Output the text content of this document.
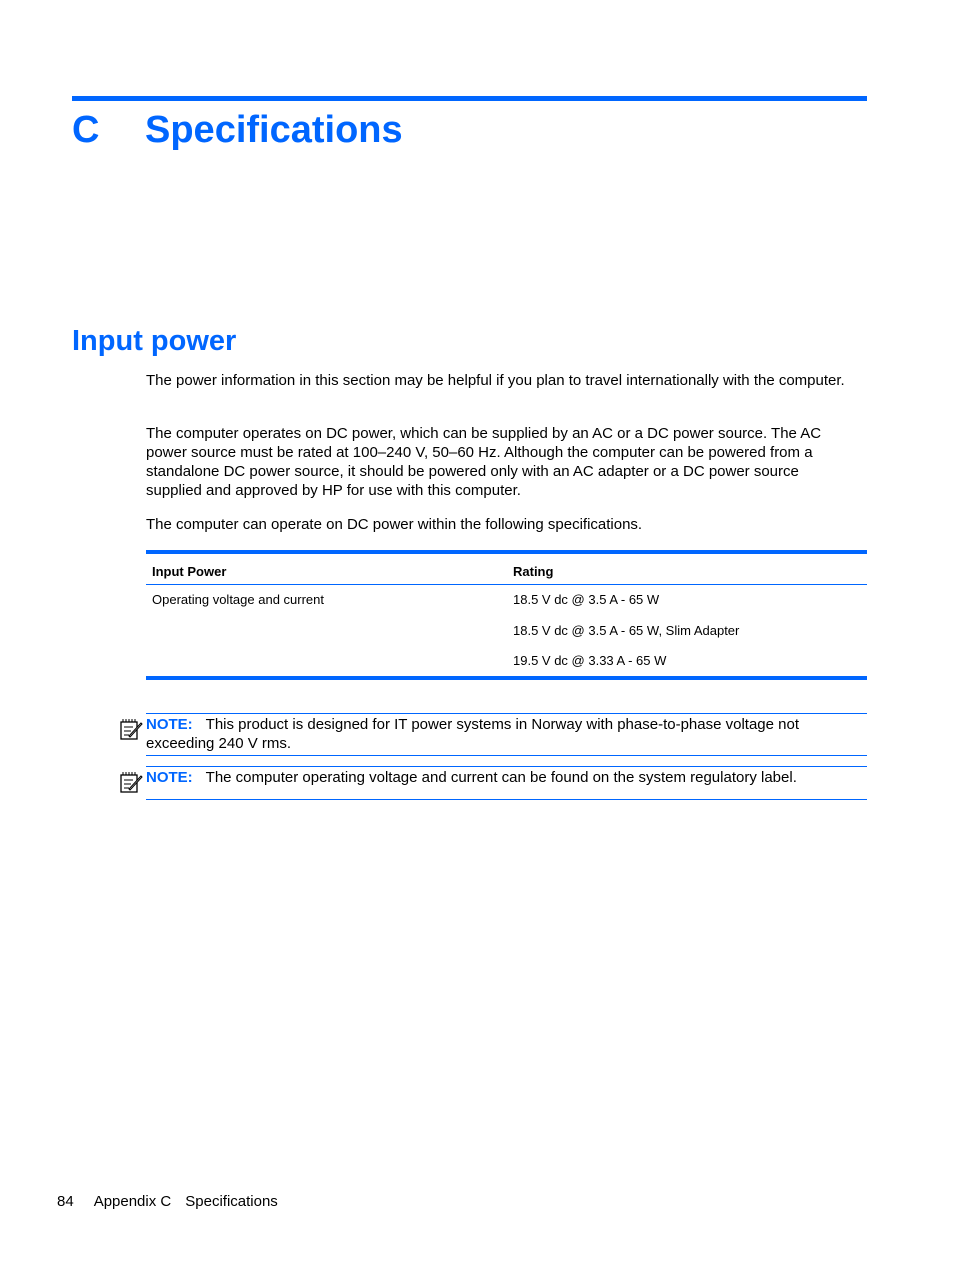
C Specifications
Input power
The power information in this section may be helpful if you plan to travel internationally with the computer.
The computer operates on DC power, which can be supplied by an AC or a DC power source. The AC power source must be rated at 100–240 V, 50–60 Hz. Although the computer can be powered from a standalone DC power source, it should be powered only with an AC adapter or a DC power source supplied and approved by HP for use with this computer.
The computer can operate on DC power within the following specifications.
Input Power	Rating
Operating voltage and current	18.5 V dc @ 3.5 A - 65 W
18.5 V dc @ 3.5 A - 65 W, Slim Adapter
19.5 V dc @ 3.33 A - 65 W
NOTE: This product is designed for IT power systems in Norway with phase-to-phase voltage not exceeding 240 V rms.
NOTE: The computer operating voltage and current can be found on the system regulatory label.
84 Appendix C Specifications
